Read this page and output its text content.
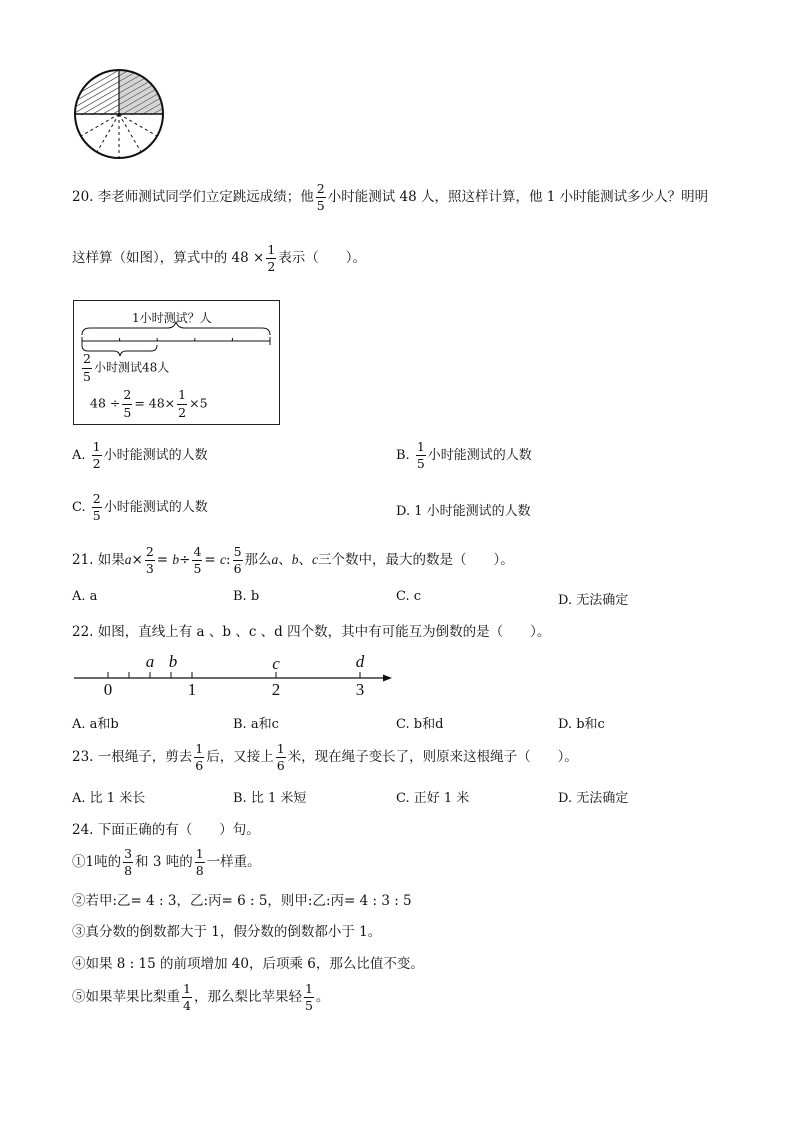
20. 李老师测试同学们立定跳远成绩；他 $\frac{2}{5}$ 小时能测试 48 人，照这样计算，他 1 小时能测试多少人？明明
这样算（如图），算式中的 $48 \times \frac{1}{2}$ 表示（　　）。
1小时测试？人
$\frac{2}{5}$ 小时测试48人
$48 \div \frac{2}{5} = 48\times \frac{1}{2} \times 5$
A. $\frac{1}{2}$ 小时能测试的人数	B. $\frac{1}{5}$ 小时能测试的人数
C. $\frac{2}{5}$ 小时能测试的人数	D. 1 小时能测试的人数
21. 如果$a\times \frac{2}{3} = b\div \frac{4}{5} = c$: $\frac{5}{6}$ 那么a、b、c三个数中，最大的数是（　　）。
A. a	B. b	C. c	D. 无法确定
22. 如图，直线上有 a 、b 、c 、d 四个数，其中有可能互为倒数的是（　　）。
0	1	2	3
a b	c	d
A. a和b	B. a和c	C. b和d	D. b和c
23. 一根绳子，剪去 $\frac{1}{6}$ 后，又接上 $\frac{1}{6}$ 米，现在绳子变长了，则原来这根绳子（　　）。
A. 比 1 米长	B. 比 1 米短	C. 正好 1 米	D. 无法确定
24. 下面正确的有（　　）句。
①1吨的 $\frac{3}{8}$ 和 3 吨的 $\frac{1}{8}$ 一样重。
②若甲:乙= 4 : 3，乙:丙= 6 : 5，则甲:乙:丙= 4 : 3 : 5
③真分数的倒数都大于 1，假分数的倒数都小于 1。
④如果 8 : 15 的前项增加 40，后项乘 6，那么比值不变。
⑤如果苹果比梨重 $\frac{1}{4}$ ，那么梨比苹果轻 $\frac{1}{5}$ 。
